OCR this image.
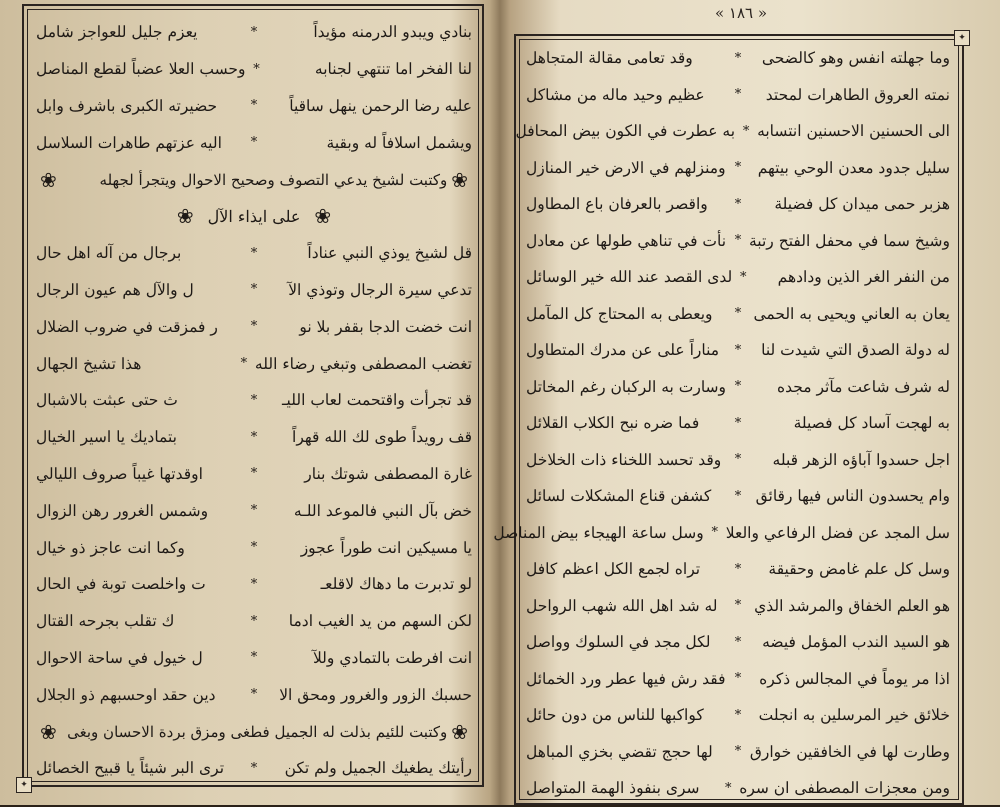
✦
بنادي ويبدو الدرمنه مؤيداً
*
يعزم جليل للعواجز شامل
لنا الفخر اما تنتهي لجنابه
*
وحسب العلا عضباً لقطع المناصل
عليه رضا الرحمن ينهل ساقياً
*
حضيرته الكبرى باشرف وابل
ويشمل اسلافاً له وبقية
*
اليه عزتهم طاهرات السلاسل
❀
وكتبت لشيخ يدعي التصوف وصحيح الاحوال ويتجرأ لجهله
❀
❀
على ايذاء الآل
❀
قل لشيخ يوذي النبي عناداً
*
برجال من آله اهل حال
تدعي سيرة الرجال وتوذي الآ
*
ل والآل هم عيون الرجال
انت خضت الدجا بقفر بلا نو
*
ر فمزقت في ضروب الضلال
تغضب المصطفى وتبغي رضاء الله
*
هذا تشيخ الجهال
قد تجرأت واقتحمت لعاب الليـ
*
ث حتى عبثت بالاشبال
قف رويداً طوى لك الله قهراً
*
بتماديك يا اسير الخيال
غارة المصطفى شوتك بنار
*
اوقدتها غيباً صروف الليالي
خض بآل النبي فالموعد اللـه
*
وشمس الغرور رهن الزوال
يا مسيكين انت طوراً عجوز
*
وكما انت عاجز ذو خيال
لو تدبرت ما دهاك لاقلعـ
*
ت واخلصت توبة في الحال
لكن السهم من يد الغيب ادما
*
ك تقلب بجرحه القتال
انت افرطت بالتمادي وللآ
*
ل خيول في ساحة الاحوال
حسبك الزور والغرور ومحق الا
*
دين حقد اوحسبهم ذو الجلال
❀
وكتبت للئيم بذلت له الجميل فطغى ومزق بردة الاحسان وبغى
❀
رأيتك يطغيك الجميل ولم تكن
*
ترى البر شيئاً يا قبيح الخصائل
« ١٨٦ »
✦
وما جهلته انفس وهو كالضحى
*
وقد تعامى مقالة المتجاهل
نمته العروق الطاهرات لمحتد
*
عظيم وحيد ماله من مشاكل
الى الحسنين الاحسنين انتسابه
*
به عطرت في الكون بيض المحافل
سليل جدود معدن الوحي بيتهم
*
ومنزلهم في الارض خير المنازل
هزبر حمى ميدان كل فضيلة
*
واقصر بالعرفان باع المطاول
وشيخ سما في محفل الفتح رتبة
*
نأت في تناهي طولها عن معادل
من النفر الغر الذين ودادهم
*
لدى القصد عند الله خير الوسائل
يعان به العاني ويحيى به الحمى
*
ويعطى به المحتاج كل المآمل
له دولة الصدق التي شيدت لنا
*
مناراً على عن مدرك المتطاول
له شرف شاعت مآثر مجده
*
وسارت به الركبان رغم المخاتل
به لهجت آساد كل فصيلة
*
فما ضره نبح الكلاب القلائل
اجل حسدوا آباؤه الزهر قبله
*
وقد تحسد اللخناء ذات الخلاخل
وام يحسدون الناس فيها رقائق
*
كشفن قناع المشكلات لسائل
سل المجد عن فضل الرفاعي والعلا
*
وسل ساعة الهيجاء بيض المناصل
وسل كل علم غامض وحقيقة
*
تراه لجمع الكل اعظم كافل
هو العلم الخفاق والمرشد الذي
*
له شد اهل الله شهب الرواحل
هو السيد الندب المؤمل فيضه
*
لكل مجد في السلوك وواصل
اذا مر يوماً في المجالس ذكره
*
فقد رش فيها عطر ورد الخمائل
خلائق خير المرسلين به انجلت
*
كواكبها للناس من دون حائل
وطارت لها في الخافقين خوارق
*
لها حجج تقضي بخزي المباهل
ومن معجزات المصطفى ان سره
*
سرى بنفوذ الهمة المتواصل
